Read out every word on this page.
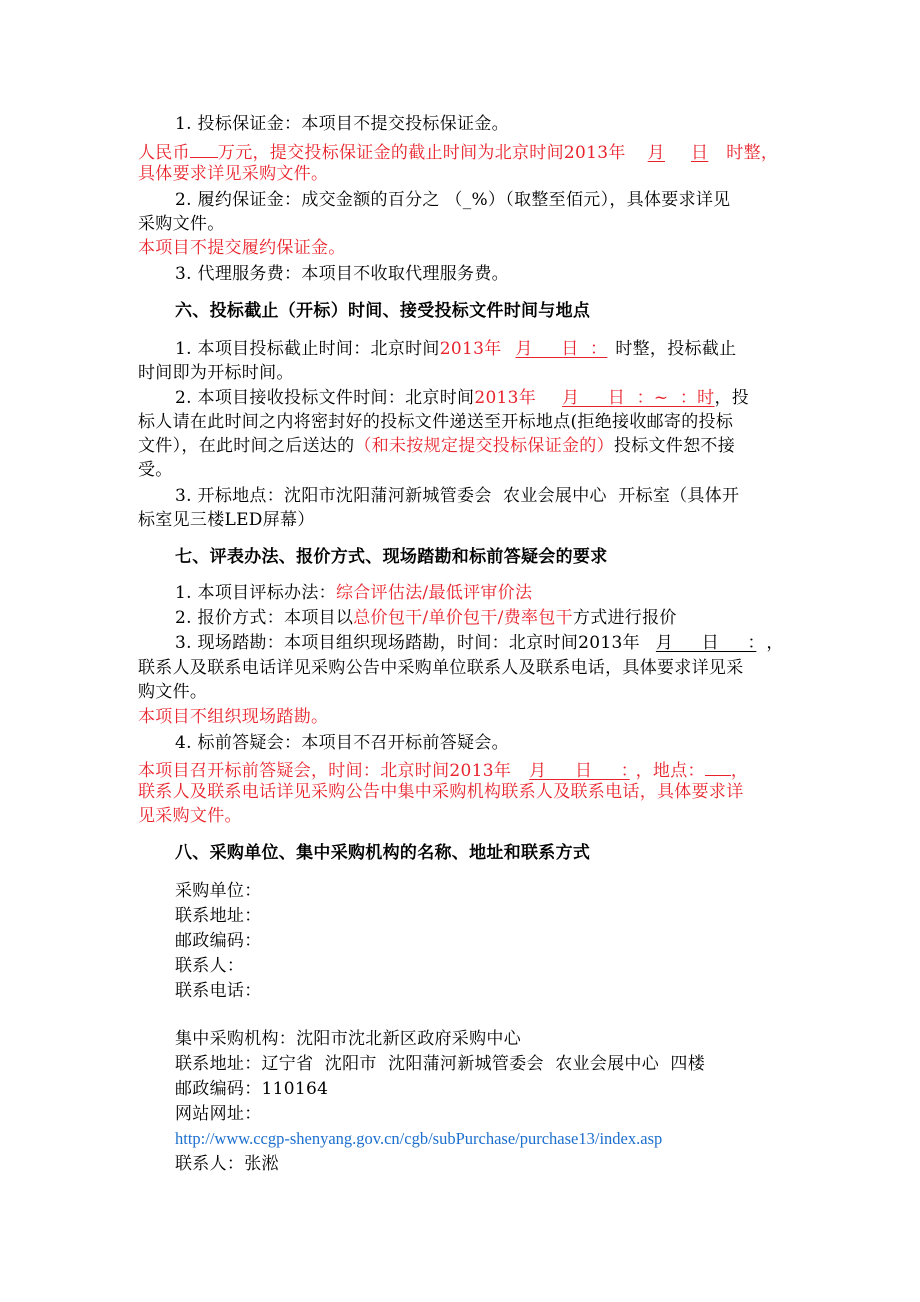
1. 投标保证金：本项目不提交投标保证金。
人民币 万元，提交投标保证金的截止时间为北京时间2013年 月 日 时整，
具体要求详见采购文件。
2. 履约保证金：成交金额的百分之 （_%）（取整至佰元），具体要求详见
采购文件。
本项目不提交履约保证金。
3. 代理服务费：本项目不收取代理服务费。
六、投标截止（开标）时间、接受投标文件时间与地点
1. 本项目投标截止时间：北京时间2013年 月     日  ： 时整，投标截止
时间即为开标时间。
2. 本项目接收投标文件时间：北京时间2013年 月     日  ：~  ：时，投
标人请在此时间之内将密封好的投标文件递送至开标地点(拒绝接收邮寄的投标
文件），在此时间之后送达的（和未按规定提交投标保证金的）投标文件恕不接
受。
3. 开标地点：沈阳市沈阳蒲河新城管委会  农业会展中心  开标室（具体开
标室见三楼LED屏幕）
七、评表办法、报价方式、现场踏勘和标前答疑会的要求
1. 本项目评标办法：综合评估法/最低评审价法
2. 报价方式：本项目以总价包干/单价包干/费率包干方式进行报价
3. 现场踏勘：本项目组织现场踏勘，时间：北京时间2013年 月     日     ： ，
联系人及联系电话详见采购公告中采购单位联系人及联系电话，具体要求详见采
购文件。
本项目不组织现场踏勘。
4. 标前答疑会：本项目不召开标前答疑会。
本项目召开标前答疑会，时间：北京时间2013年 月     日     ： ，地点： ，
联系人及联系电话详见采购公告中集中采购机构联系人及联系电话，具体要求详
见采购文件。
八、采购单位、集中采购机构的名称、地址和联系方式
采购单位：
联系地址：
邮政编码：
联系人：
联系电话：
集中采购机构：沈阳市沈北新区政府采购中心
联系地址：辽宁省  沈阳市  沈阳蒲河新城管委会  农业会展中心  四楼
邮政编码：110164
网站网址：
http://www.ccgp-shenyang.gov.cn/cgb/subPurchase/purchase13/index.asp
联系人：张淞
